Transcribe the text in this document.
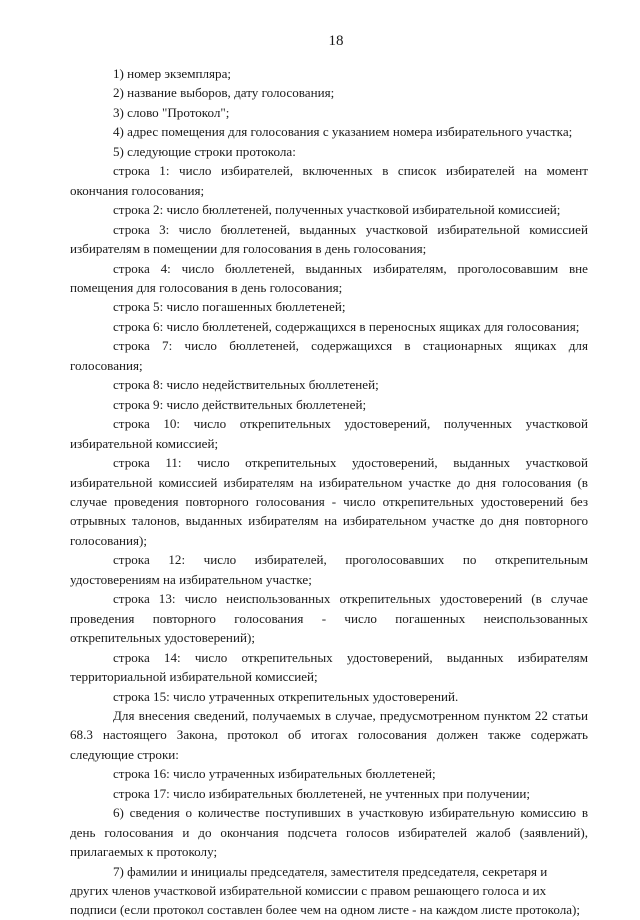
18

1) номер экземпляра;

2) название выборов, дату голосования;

3) слово "Протокол";

4) адрес помещения для голосования с указанием номера избирательного участка;

5) следующие строки протокола:

строка 1: число избирателей, включенных в список избирателей на момент окончания голосования;

строка 2: число бюллетеней, полученных участковой избирательной комиссией;

строка 3: число бюллетеней, выданных участковой избирательной комиссией избирателям в помещении для голосования в день голосования;

строка 4: число бюллетеней, выданных избирателям, проголосовавшим вне помещения для голосования в день голосования;

строка 5: число погашенных бюллетеней;

строка 6: число бюллетеней, содержащихся в переносных ящиках для голосования;

строка 7: число бюллетеней, содержащихся в стационарных ящиках для голосования;

строка 8: число недействительных бюллетеней;

строка 9: число действительных бюллетеней;

строка 10: число открепительных удостоверений, полученных участковой избирательной комиссией;

строка 11: число открепительных удостоверений, выданных участковой избирательной комиссией избирателям на избирательном участке до дня голосования (в случае проведения повторного голосования - число открепительных удостоверений без отрывных талонов, выданных избирателям на избирательном участке до дня повторного голосования);

строка 12: число избирателей, проголосовавших по открепительным удостоверениям на избирательном участке;

строка 13: число неиспользованных открепительных удостоверений (в случае проведения повторного голосования - число погашенных неиспользованных открепительных удостоверений);

строка 14: число открепительных удостоверений, выданных избирателям территориальной избирательной комиссией;

строка 15: число утраченных открепительных удостоверений.

Для внесения сведений, получаемых в случае, предусмотренном пунктом 22 статьи 68.3 настоящего Закона, протокол об итогах голосования должен также содержать следующие строки:

строка 16: число утраченных избирательных бюллетеней;

строка 17: число избирательных бюллетеней, не учтенных при получении;

6) сведения о количестве поступивших в участковую избирательную комиссию в день голосования и до окончания подсчета голосов избирателей жалоб (заявлений), прилагаемых к протоколу;

7) фамилии и инициалы председателя, заместителя председателя, секретаря и других членов участковой избирательной комиссии с правом решающего голоса и их подписи (если протокол составлен более чем на одном листе - на каждом листе протокола);
